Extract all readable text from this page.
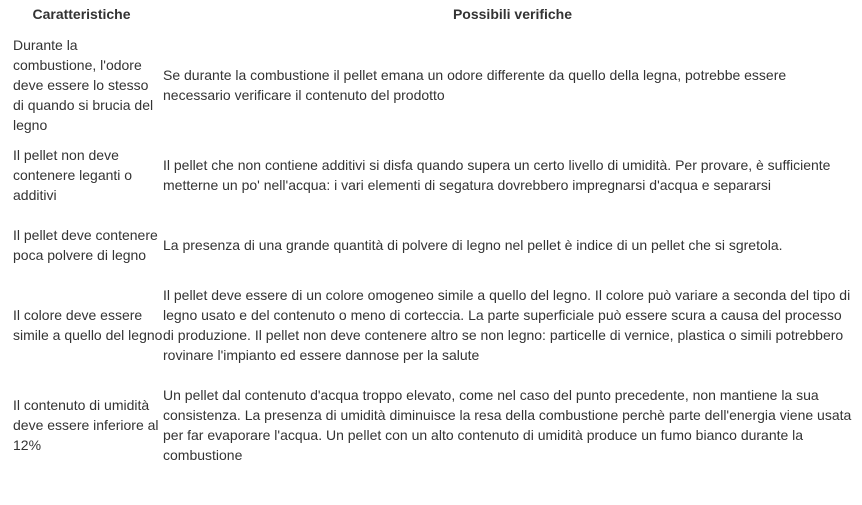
Caratteristiche	Possibili verifiche
Durante la combustione, l'odore deve essere lo stesso di quando si brucia del legno	Se durante la combustione il pellet emana un odore differente da quello della legna, potrebbe essere necessario verificare il contenuto del prodotto
Il pellet non deve contenere leganti o additivi	Il pellet che non contiene additivi si disfa quando supera un certo livello di umidità. Per provare, è sufficiente metterne un po' nell'acqua: i vari elementi di segatura dovrebbero impregnarsi d'acqua e separarsi
Il pellet deve contenere poca polvere di legno	La presenza di una grande quantità di polvere di legno nel pellet è indice di un pellet che si sgretola.
Il colore deve essere simile a quello del legno	Il pellet deve essere di un colore omogeneo simile a quello del legno. Il colore può variare a seconda del tipo di legno usato e del contenuto o meno di corteccia. La parte superficiale può essere scura a causa del processo di produzione. Il pellet non deve contenere altro se non legno: particelle di vernice, plastica o simili potrebbero rovinare l'impianto ed essere dannose per la salute
Il contenuto di umidità deve essere inferiore al 12%	Un pellet dal contenuto d'acqua troppo elevato, come nel caso del punto precedente, non mantiene la sua consistenza. La presenza di umidità diminuisce la resa della combustione perchè parte dell'energia viene usata per far evaporare l'acqua. Un pellet con un alto contenuto di umidità produce un fumo bianco durante la combustione
